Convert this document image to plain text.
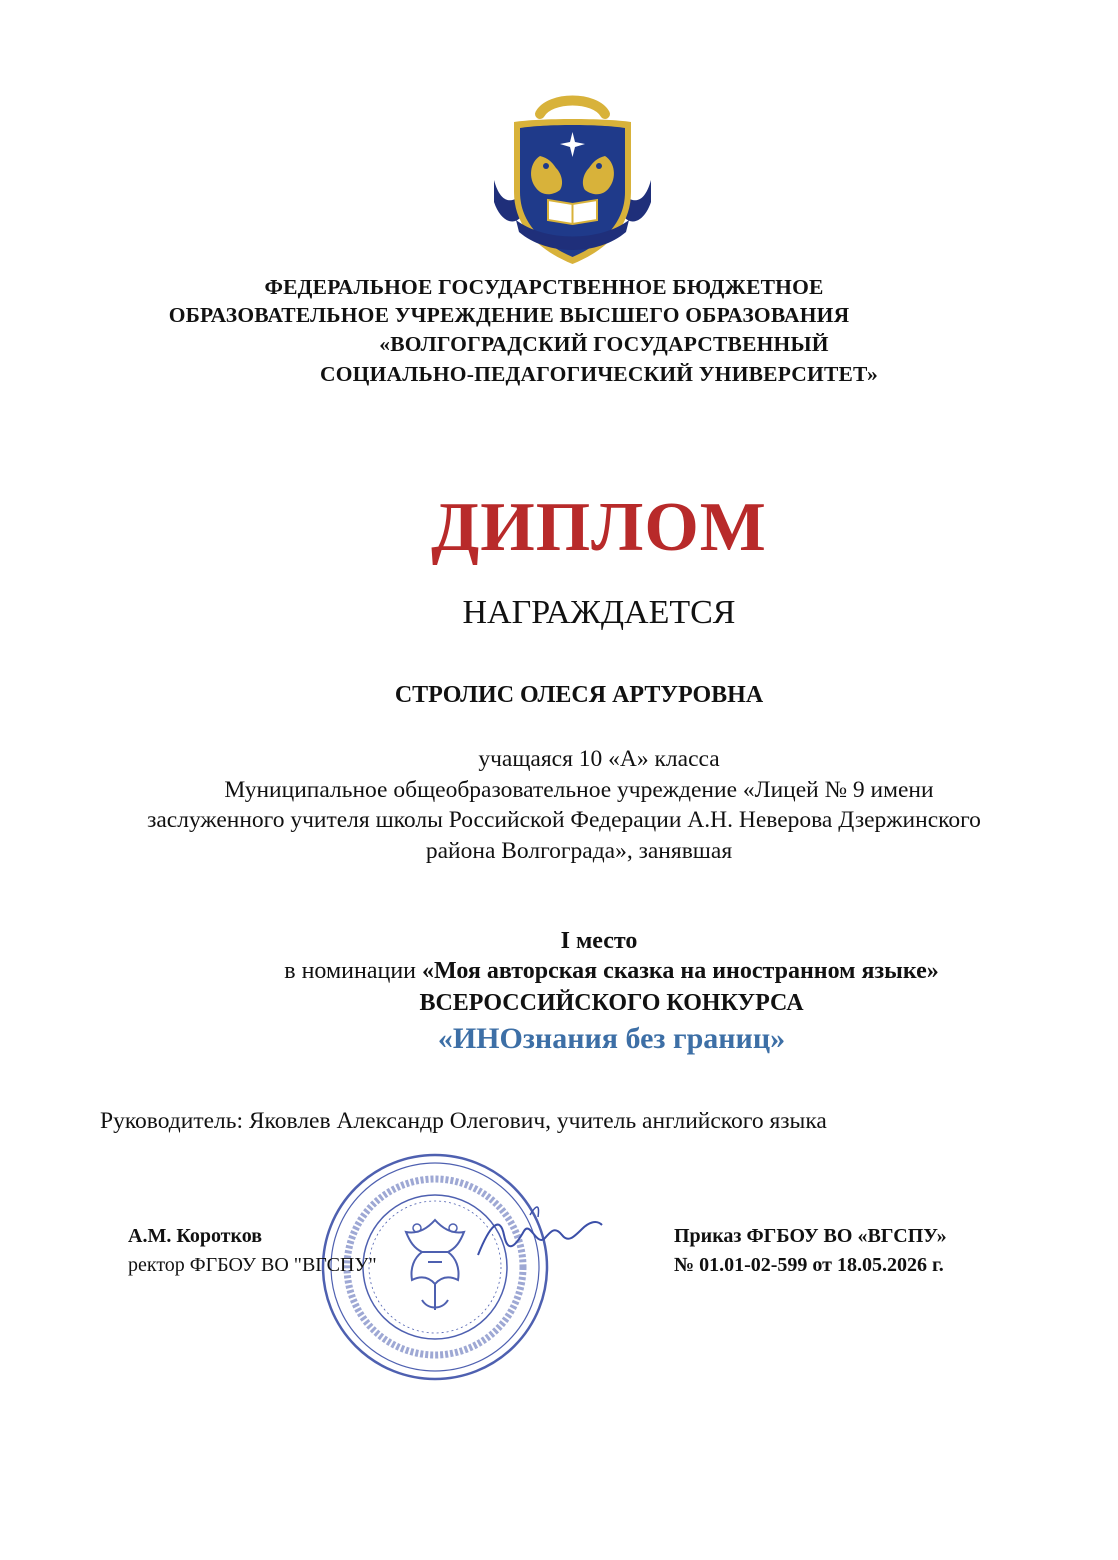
ФЕДЕРАЛЬНОЕ ГОСУДАРСТВЕННОЕ БЮДЖЕТНОЕ
ОБРАЗОВАТЕЛЬНОЕ УЧРЕЖДЕНИЕ ВЫСШЕГО ОБРАЗОВАНИЯ
«ВОЛГОГРАДСКИЙ ГОСУДАРСТВЕННЫЙ
СОЦИАЛЬНО-ПЕДАГОГИЧЕСКИЙ УНИВЕРСИТЕТ»
ДИПЛОМ
НАГРАЖДАЕТСЯ
СТРОЛИС ОЛЕСЯ АРТУРОВНА
учащаяся 10 «А» класса
Муниципальное общеобразовательное учреждение «Лицей № 9 имени
заслуженного учителя школы Российской Федерации А.Н. Неверова Дзержинского
района Волгограда», занявшая
I место
в номинации «Моя авторская сказка на иностранном языке»
ВСЕРОССИЙСКОГО КОНКУРСА
«ИНОзнания без границ»
Руководитель: Яковлев Александр Олегович, учитель английского языка
А.М. Коротков
ректор ФГБОУ ВО "ВГСПУ"
Приказ ФГБОУ ВО «ВГСПУ»
№ 01.01-02-599 от 18.05.2026 г.
